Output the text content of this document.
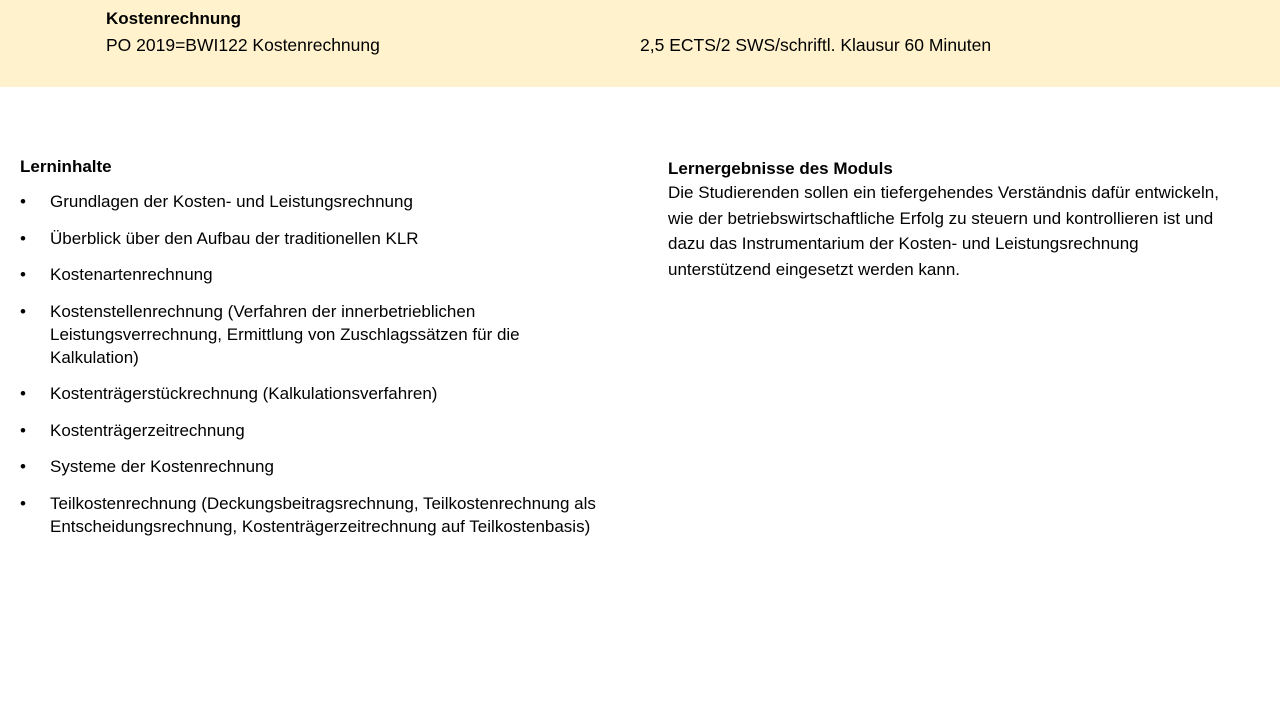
Kostenrechnung
PO 2019=BWI122 Kostenrechnung	2,5 ECTS/2 SWS/schriftl. Klausur 60 Minuten
Lerninhalte
• Grundlagen der Kosten- und Leistungsrechnung
• Überblick über den Aufbau der traditionellen KLR
• Kostenartenrechnung
• Kostenstellenrechnung (Verfahren der innerbetrieblichen Leistungsverrechnung, Ermittlung von Zuschlagssätzen für die Kalkulation)
• Kostenträgerstückrechnung (Kalkulationsverfahren)
• Kostenträgerzeitrechnung
• Systeme der Kostenrechnung
• Teilkostenrechnung (Deckungsbeitragsrechnung, Teilkostenrechnung als Entscheidungsrechnung, Kostenträgerzeitrechnung auf Teilkostenbasis)
Lernergebnisse des Moduls

Die Studierenden sollen ein tiefergehendes Verständnis dafür entwickeln, wie der betriebswirtschaftliche Erfolg zu steuern und kontrollieren ist und dazu das Instrumentarium der Kosten- und Leistungsrechnung unterstützend eingesetzt werden kann.
